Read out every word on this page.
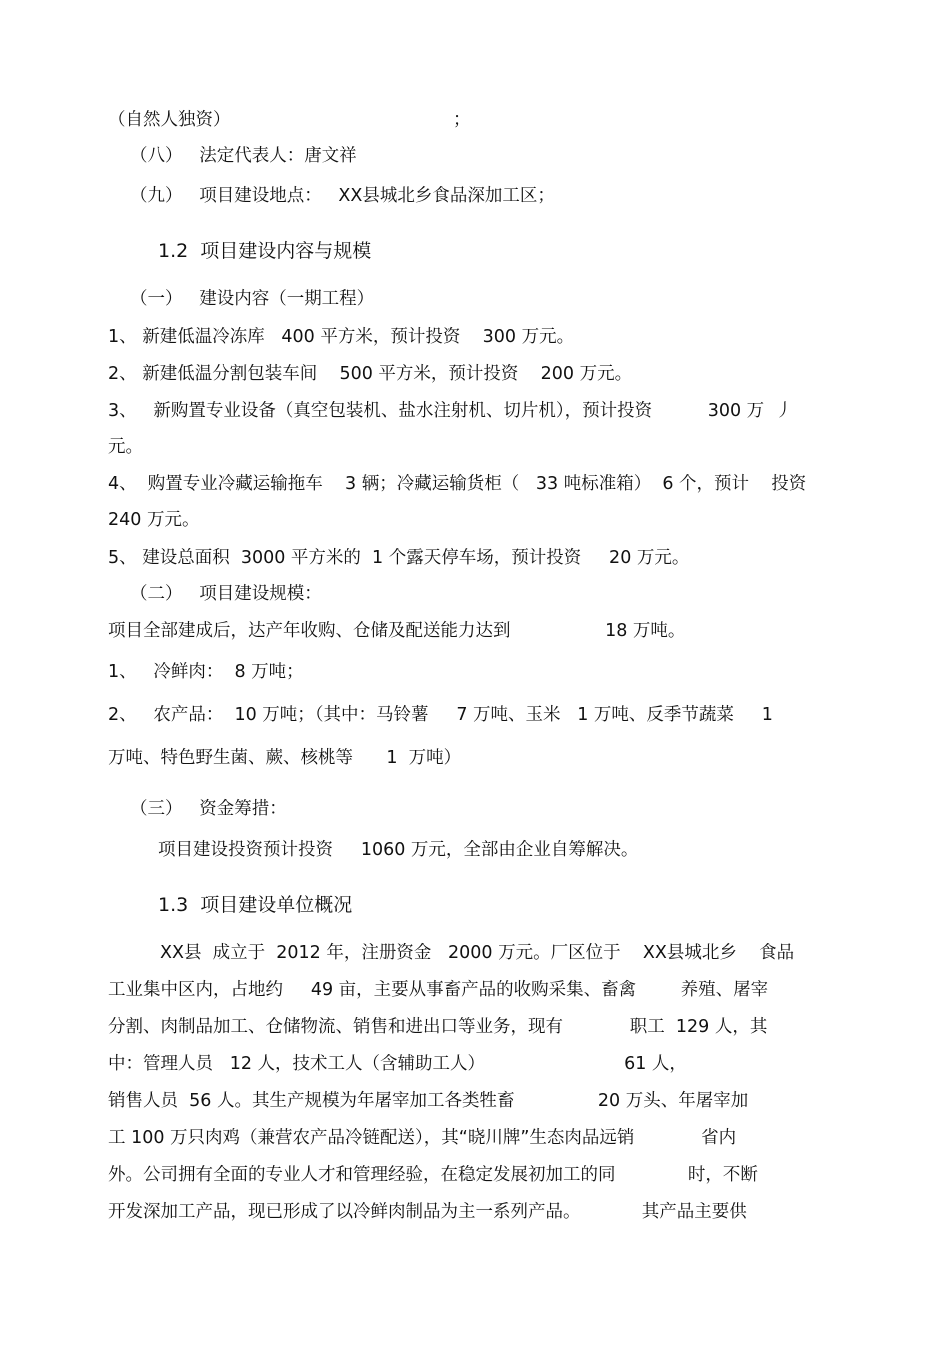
（自然人独资）                                        ；
（八）   法定代表人：唐文祥
（九）   项目建设地点：   XX县城北乡食品深加工区；
1.2  项目建设内容与规模
（一）   建设内容（一期工程）
1、 新建低温冷冻库   400 平方米，预计投资    300 万元。
2、 新建低温分割包装车间    500 平方米，预计投资    200 万元。
3、   新购置专业设备（真空包装机、盐水注射机、切片机），预计投资          300 万  丿
元。
4、  购置专业冷藏运输拖车    3 辆；冷藏运输货柜（   33 吨标准箱）  6 个，预计    投资
240 万元。
5、 建设总面积  3000 平方米的  1 个露天停车场，预计投资     20 万元。
（二）   项目建设规模：
项目全部建成后，达产年收购、仓储及配送能力达到                 18 万吨。
1、   冷鲜肉：  8 万吨；
2、   农产品：  10 万吨；（其中：马铃薯     7 万吨、玉米   1 万吨、反季节蔬菜     1
万吨、特色野生菌、蕨、核桃等      1  万吨）
（三）   资金筹措：
项目建设投资预计投资     1060 万元，全部由企业自筹解决。
1.3  项目建设单位概况
XX县  成立于  2012 年，注册资金   2000 万元。厂区位于    XX县城北乡    食品
工业集中区内，占地约     49 亩，主要从事畜产品的收购采集、畜禽        养殖、屠宰
分割、肉制品加工、仓储物流、销售和进出口等业务，现有            职工  129 人，其
中：管理人员   12 人，技术工人（含辅助工人）                         61 人，
销售人员  56 人。其生产规模为年屠宰加工各类牲畜               20 万头、年屠宰加
工 100 万只肉鸡（兼营农产品冷链配送），其“晓川牌”生态肉品远销            省内
外。公司拥有全面的专业人才和管理经验，在稳定发展初加工的同             时，不断
开发深加工产品，现已形成了以冷鲜肉制品为主一系列产品。           其产品主要供
